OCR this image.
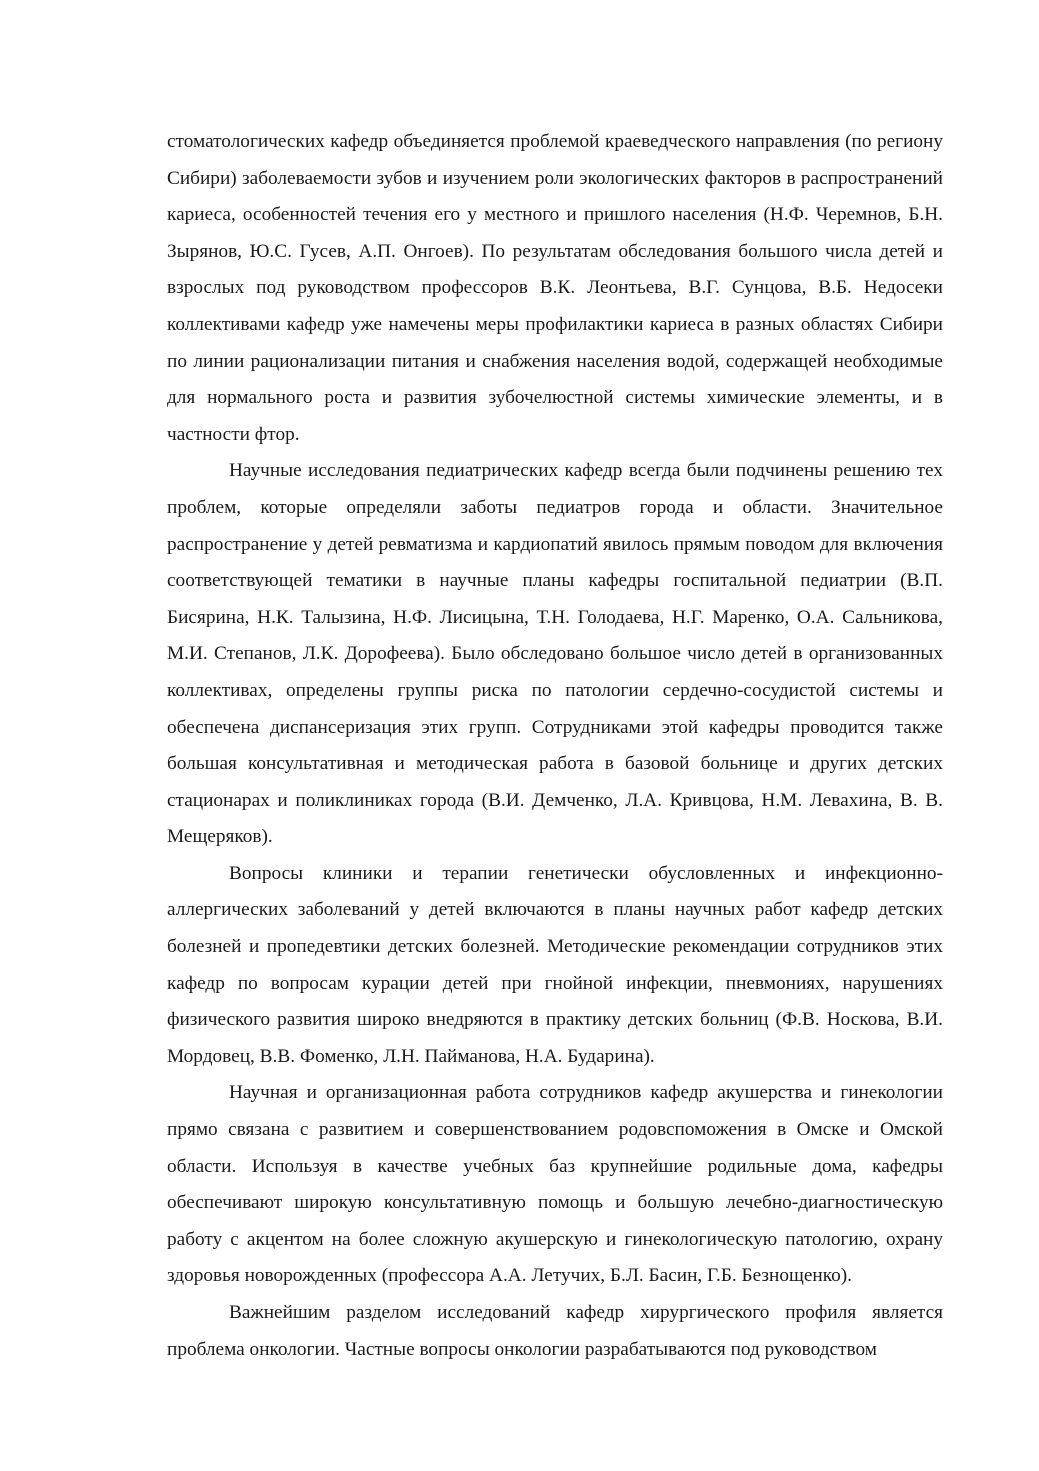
стоматологических кафедр объединяется проблемой краеведческого направления (по региону Сибири) заболеваемости зубов и изучением роли экологических факторов в распространений кариеса, особенностей течения его у местного и пришлого населения (Н.Ф. Черемнов, Б.Н. Зырянов, Ю.С. Гусев, А.П. Онгоев). По результатам обследования большого числа детей и взрослых под руководством профессоров В.К. Леонтьева, В.Г. Сунцова, В.Б. Недосеки коллективами кафедр уже намечены меры профилактики кариеса в разных областях Сибири по линии рационализации питания и снабжения населения водой, содержащей необходимые для нормального роста и развития зубочелюстной системы химические элементы, и в частности фтор.

Научные исследования педиатрических кафедр всегда были подчинены решению тех проблем, которые определяли заботы педиатров города и области. Значительное распространение у детей ревматизма и кардиопатий явилось прямым поводом для включения соответствующей тематики в научные планы кафедры госпитальной педиатрии (В.П. Бисярина, Н.К. Талызина, Н.Ф. Лисицына, Т.Н. Голодаева, Н.Г. Маренко, О.А. Сальникова, М.И. Степанов, Л.К. Дорофеева). Было обследовано большое число детей в организованных коллективах, определены группы риска по патологии сердечно-сосудистой системы и обеспечена диспансеризация этих групп. Сотрудниками этой кафедры проводится также большая консультативная и методическая работа в базовой больнице и других детских стационарах и поликлиниках города (В.И. Демченко, Л.А. Кривцова, Н.М. Левахина, В. В. Мещеряков).

Вопросы клиники и терапии генетически обусловленных и инфекционно-аллергических заболеваний у детей включаются в планы научных работ кафедр детских болезней и пропедевтики детских болезней. Методические рекомендации сотрудников этих кафедр по вопросам курации детей при гнойной инфекции, пневмониях, нарушениях физического развития широко внедряются в практику детских больниц (Ф.В. Носкова, В.И. Мордовец, В.В. Фоменко, Л.Н. Пайманова, Н.А. Бударина).

Научная и организационная работа сотрудников кафедр акушерства и гинекологии прямо связана с развитием и совершенствованием родовспоможения в Омске и Омской области. Используя в качестве учебных баз крупнейшие родильные дома, кафедры обеспечивают широкую консультативную помощь и большую лечебно-диагностическую работу с акцентом на более сложную акушерскую и гинекологическую патологию, охрану здоровья новорожденных (профессора А.А. Летучих, Б.Л. Басин, Г.Б. Безнощенко).

Важнейшим разделом исследований кафедр хирургического профиля является проблема онкологии. Частные вопросы онкологии разрабатываются под руководством
